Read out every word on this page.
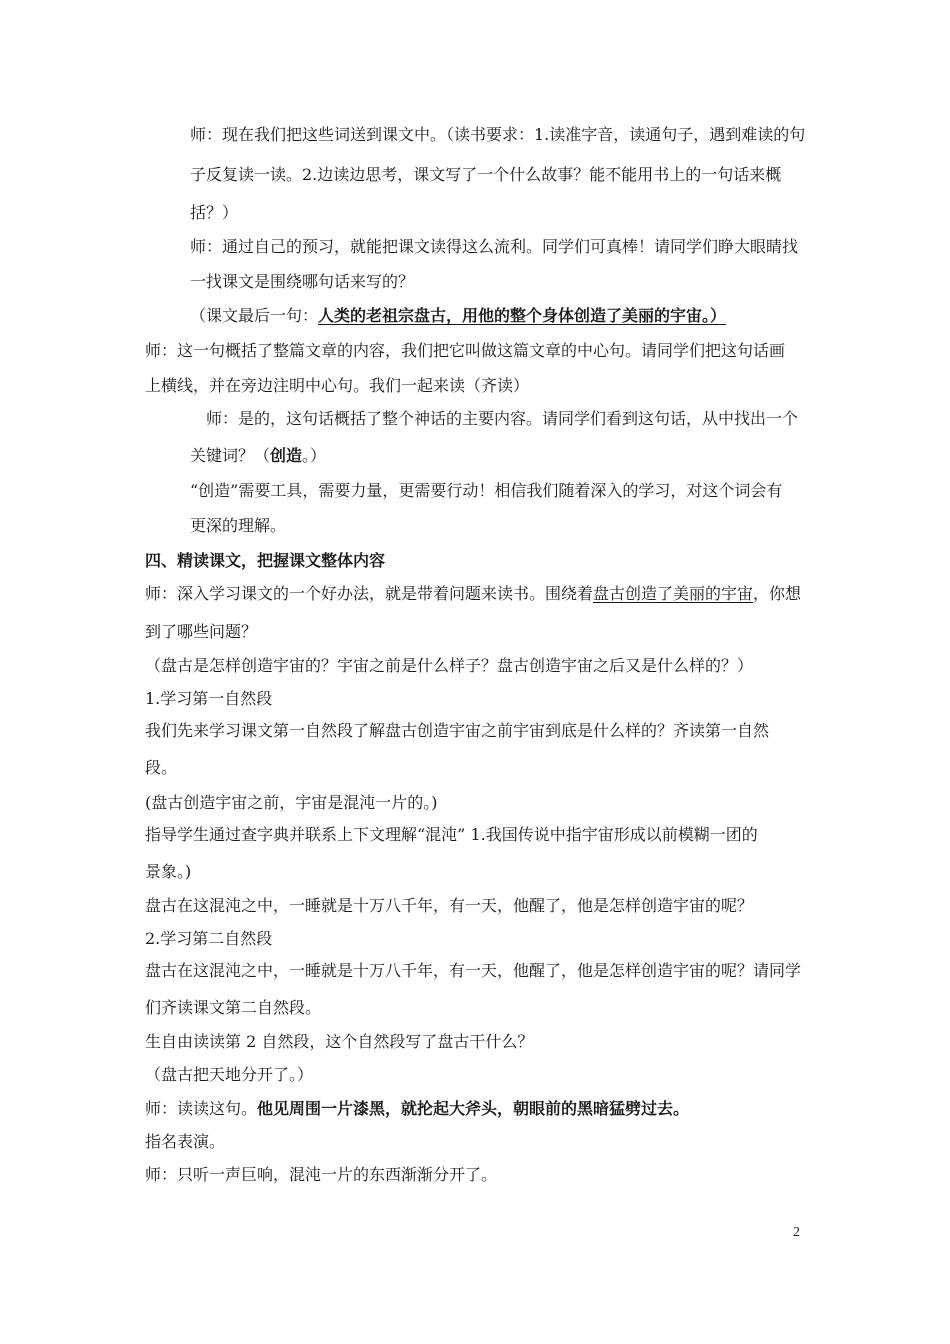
师：现在我们把这些词送到课文中。（读书要求：1.读准字音，读通句子，遇到难读的句

子反复读一读。2.边读边思考，课文写了一个什么故事？能不能用书上的一句话来概

括？）

师：通过自己的预习，就能把课文读得这么流利。同学们可真棒！请同学们睁大眼睛找

一找课文是围绕哪句话来写的？

（课文最后一句：人类的老祖宗盘古，用他的整个身体创造了美丽的宇宙。）

师：这一句概括了整篇文章的内容，我们把它叫做这篇文章的中心句。请同学们把这句话画

上横线，并在旁边注明中心句。我们一起来读（齐读）

师：是的，这句话概括了整个神话的主要内容。请同学们看到这句话，从中找出一个

关键词？（创造。）

“创造”需要工具，需要力量，更需要行动！相信我们随着深入的学习，对这个词会有

更深的理解。

四、精读课文，把握课文整体内容

师：深入学习课文的一个好办法，就是带着问题来读书。围绕着盘古创造了美丽的宇宙，你想

到了哪些问题？

（盘古是怎样创造宇宙的？宇宙之前是什么样子？盘古创造宇宙之后又是什么样的？）

1.学习第一自然段

我们先来学习课文第一自然段了解盘古创造宇宙之前宇宙到底是什么样的？齐读第一自然

段。

(盘古创造宇宙之前，宇宙是混沌一片的。)

指导学生通过查字典并联系上下文理解“混沌” 1.我国传说中指宇宙形成以前模糊一团的

景象。)

盘古在这混沌之中，一睡就是十万八千年，有一天，他醒了，他是怎样创造宇宙的呢？

2.学习第二自然段

盘古在这混沌之中，一睡就是十万八千年，有一天，他醒了，他是怎样创造宇宙的呢？请同学

们齐读课文第二自然段。

生自由读读第 2 自然段，这个自然段写了盘古干什么？

（盘古把天地分开了。）

师：读读这句。他见周围一片漆黑，就抡起大斧头，朝眼前的黑暗猛劈过去。

指名表演。

师：只听一声巨响，混沌一片的东西渐渐分开了。

2
